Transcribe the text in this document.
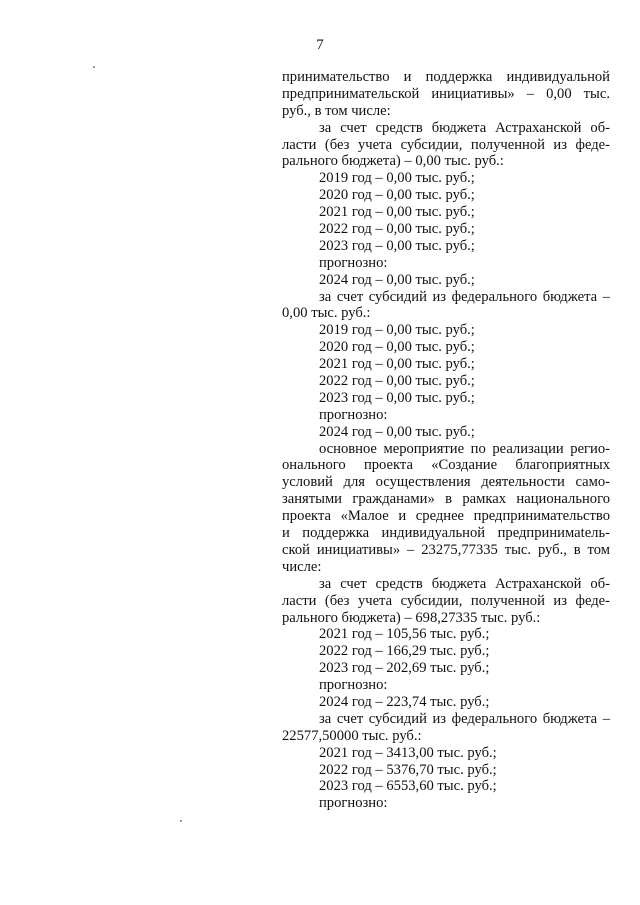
7
принимательство и поддержка индивидуальной
предпринимательской инициативы» – 0,00 тыс.
руб., в том числе:
за счет средств бюджета Астраханской об-
ласти (без учета субсидии, полученной из феде-
рального бюджета) – 0,00 тыс. руб.:
2019 год – 0,00 тыс. руб.;
2020 год – 0,00 тыс. руб.;
2021 год – 0,00 тыс. руб.;
2022 год – 0,00 тыс. руб.;
2023 год – 0,00 тыс. руб.;
прогнозно:
2024 год – 0,00 тыс. руб.;
за счет субсидий из федерального бюджета –
0,00 тыс. руб.:
2019 год – 0,00 тыс. руб.;
2020 год – 0,00 тыс. руб.;
2021 год – 0,00 тыс. руб.;
2022 год – 0,00 тыс. руб.;
2023 год – 0,00 тыс. руб.;
прогнозно:
2024 год – 0,00 тыс. руб.;
основное мероприятие по реализации регио-
онального проекта «Создание благоприятных
условий для осуществления деятельности само-
занятыми гражданами» в рамках национального
проекта «Малое и среднее предпринимательство
и поддержка индивидуальной предпринимatель-
ской инициативы» – 23275,77335 тыс. руб., в том
числе:
за счет средств бюджета Астраханской об-
ласти (без учета субсидии, полученной из феде-
рального бюджета) – 698,27335 тыс. руб.:
2021 год – 105,56 тыс. руб.;
2022 год – 166,29 тыс. руб.;
2023 год – 202,69 тыс. руб.;
прогнозно:
2024 год – 223,74 тыс. руб.;
за счет субсидий из федерального бюджета –
22577,50000 тыс. руб.:
2021 год – 3413,00 тыс. руб.;
2022 год – 5376,70 тыс. руб.;
2023 год – 6553,60 тыс. руб.;
прогнозно:
